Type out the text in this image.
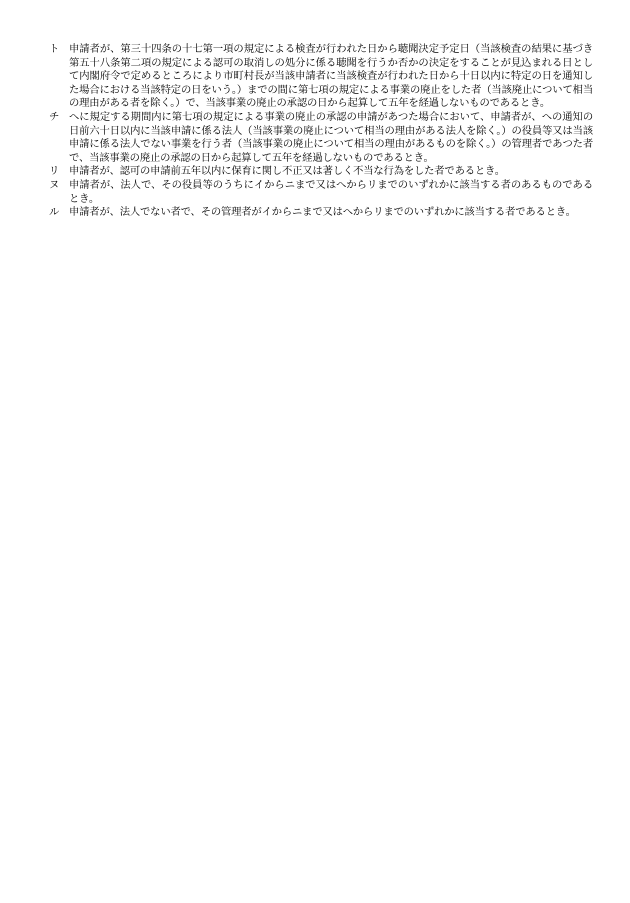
ト 申請者が、第三十四条の十七第一項の規定による検査が行われた日から聴聞決定予定日（当該検査の結果に基づき第五十八条第二項の規定による認可の取消しの処分に係る聴聞を行うか否かの決定をすることが見込まれる日として内閣府令で定めるところにより市町村長が当該申請者に当該検査が行われた日から十日以内に特定の日を通知した場合における当該特定の日をいう。）までの間に第七項の規定による事業の廃止をした者（当該廃止について相当の理由がある者を除く。）で、当該事業の廃止の承認の日から起算して五年を経過しないものであるとき。
チ へに規定する期間内に第七項の規定による事業の廃止の承認の申請があつた場合において、申請者が、への通知の日前六十日以内に当該申請に係る法人（当該事業の廃止について相当の理由がある法人を除く。）の役員等又は当該申請に係る法人でない事業を行う者（当該事業の廃止について相当の理由があるものを除く。）の管理者であつた者で、当該事業の廃止の承認の日から起算して五年を経過しないものであるとき。
リ 申請者が、認可の申請前五年以内に保育に関し不正又は著しく不当な行為をした者であるとき。
ヌ 申請者が、法人で、その役員等のうちにイからニまで又はへからリまでのいずれかに該当する者のあるものであるとき。
ル 申請者が、法人でない者で、その管理者がイからニまで又はへからリまでのいずれかに該当する者であるとき。
